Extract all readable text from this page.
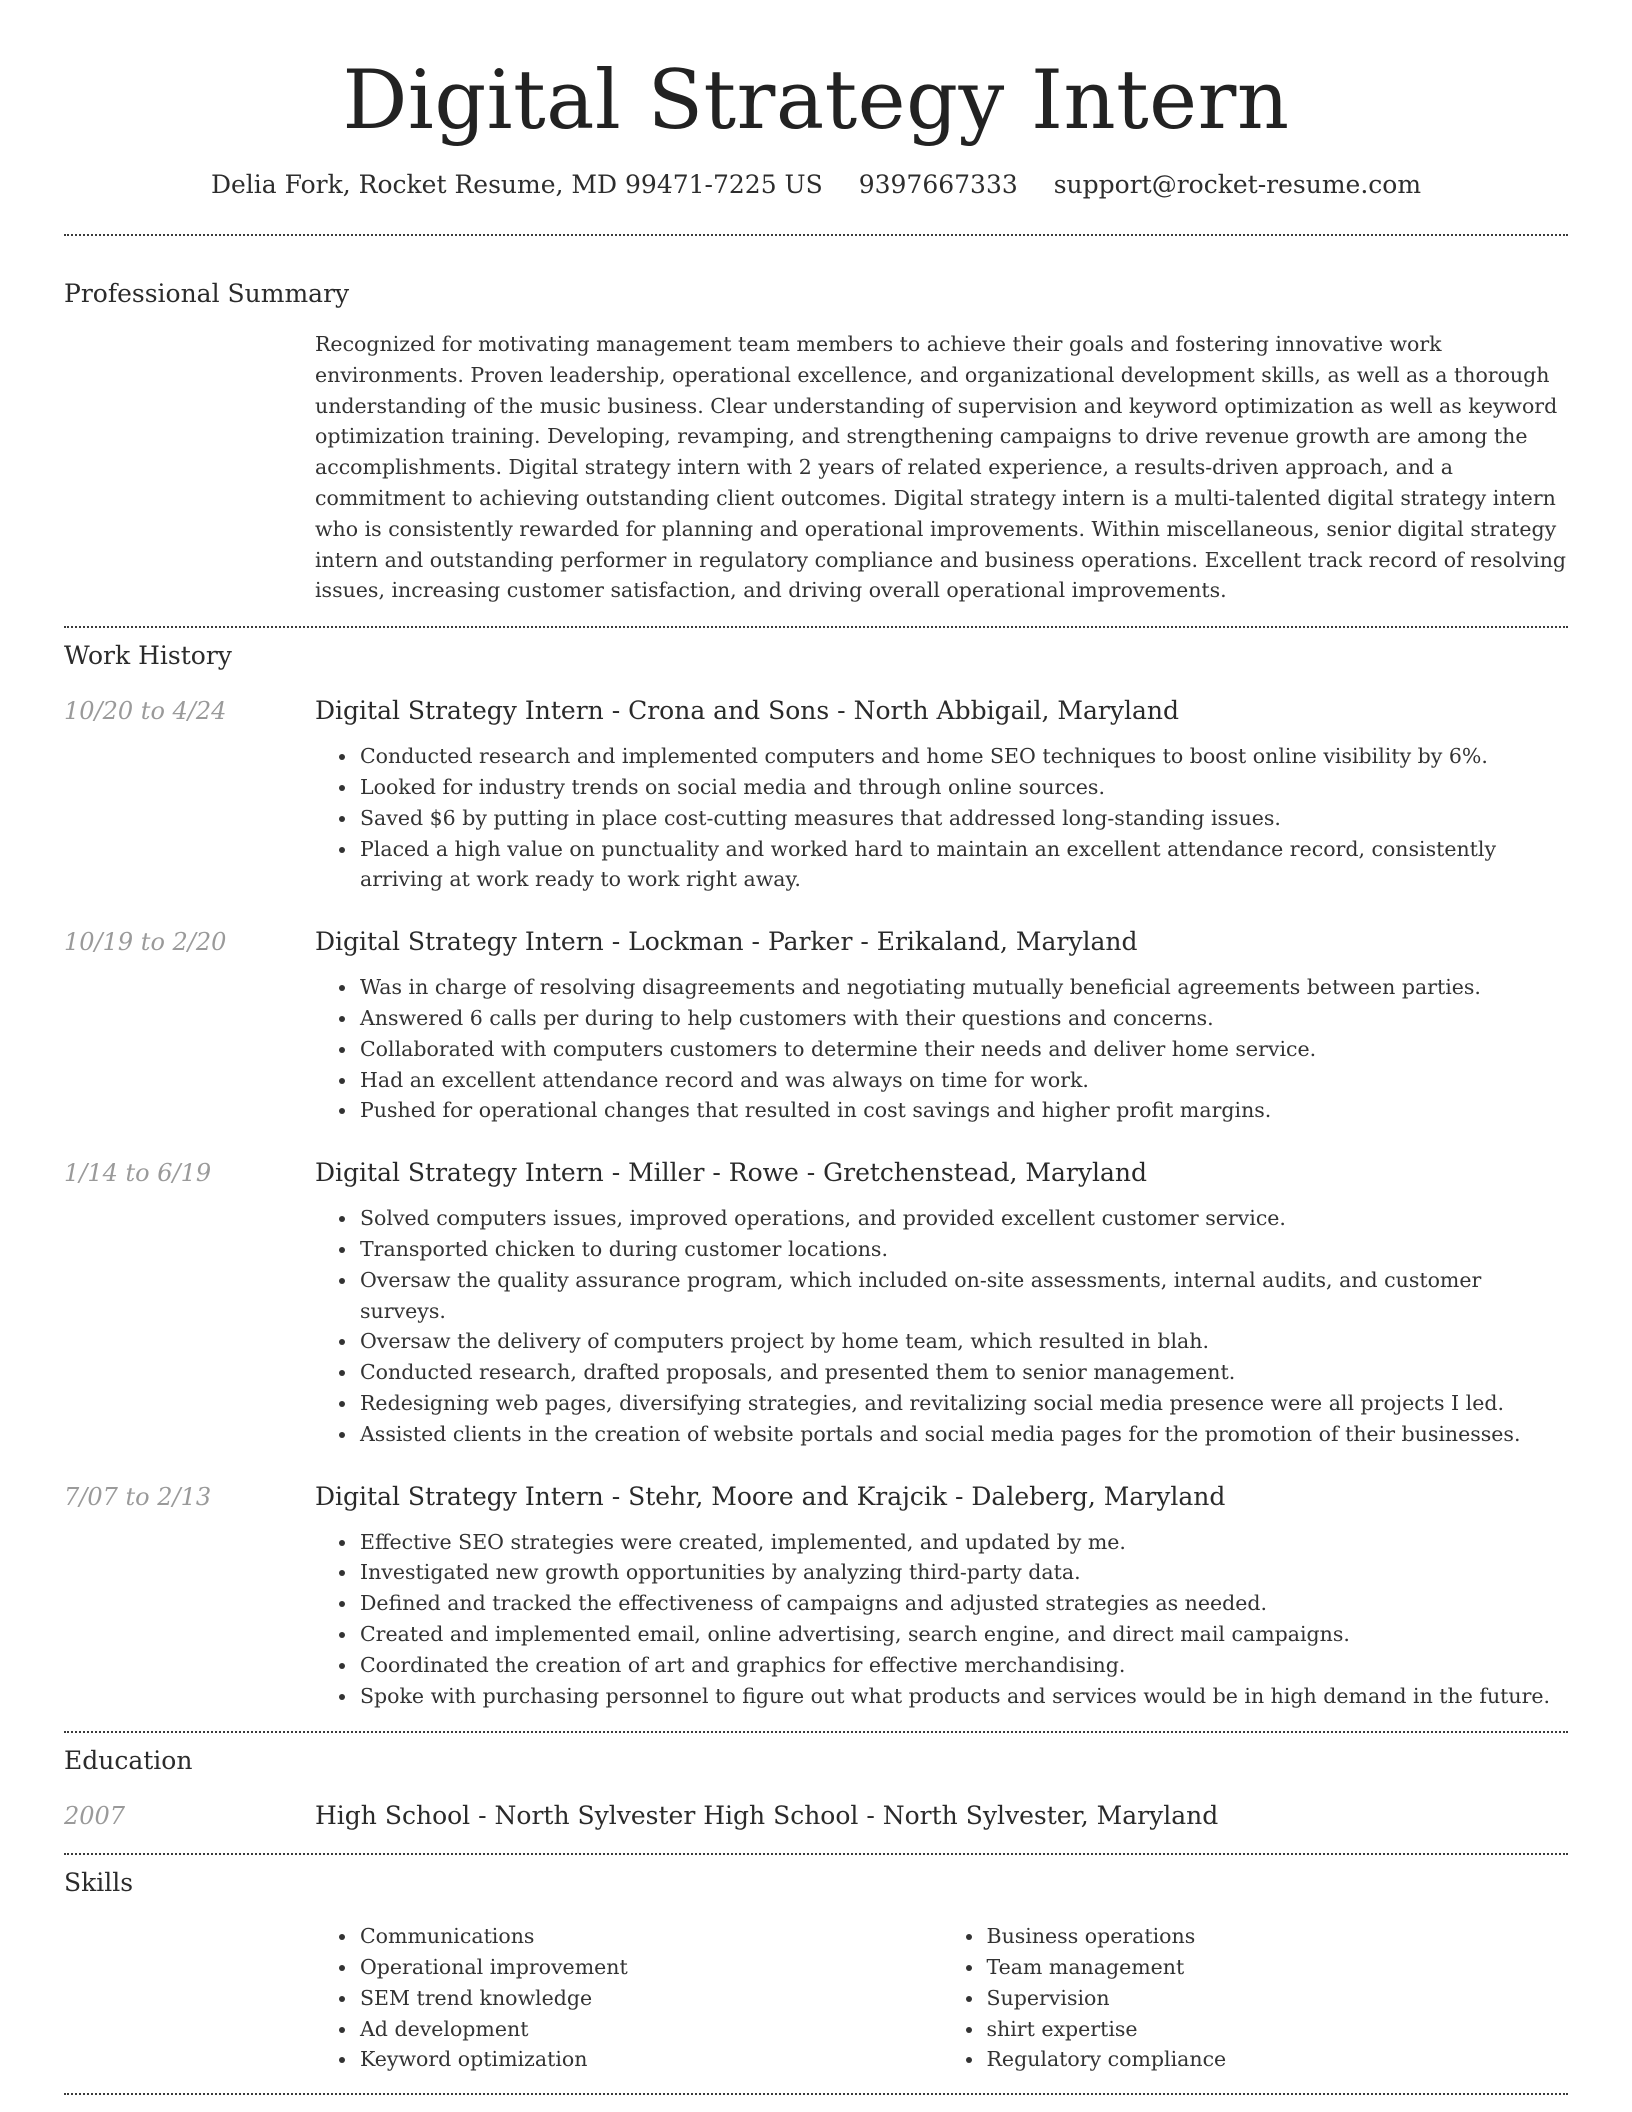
Digital Strategy Intern
Delia Fork, Rocket Resume, MD 99471-7225 US 9397667333 support@rocket-resume.com
Professional Summary
Recognized for motivating management team members to achieve their goals and fostering innovative work environments. Proven leadership, operational excellence, and organizational development skills, as well as a thorough understanding of the music business. Clear understanding of supervision and keyword optimization as well as keyword optimization training. Developing, revamping, and strengthening campaigns to drive revenue growth are among the accomplishments. Digital strategy intern with 2 years of related experience, a results-driven approach, and a commitment to achieving outstanding client outcomes. Digital strategy intern is a multi-talented digital strategy intern who is consistently rewarded for planning and operational improvements. Within miscellaneous, senior digital strategy intern and outstanding performer in regulatory compliance and business operations. Excellent track record of resolving issues, increasing customer satisfaction, and driving overall operational improvements.
Work History
10/20 to 4/24	Digital Strategy Intern - Crona and Sons - North Abbigail, Maryland
• Conducted research and implemented computers and home SEO techniques to boost online visibility by 6%.
• Looked for industry trends on social media and through online sources.
• Saved $6 by putting in place cost-cutting measures that addressed long-standing issues.
• Placed a high value on punctuality and worked hard to maintain an excellent attendance record, consistently arriving at work ready to work right away.
10/19 to 2/20	Digital Strategy Intern - Lockman - Parker - Erikaland, Maryland
• Was in charge of resolving disagreements and negotiating mutually beneficial agreements between parties.
• Answered 6 calls per during to help customers with their questions and concerns.
• Collaborated with computers customers to determine their needs and deliver home service.
• Had an excellent attendance record and was always on time for work.
• Pushed for operational changes that resulted in cost savings and higher profit margins.
1/14 to 6/19	Digital Strategy Intern - Miller - Rowe - Gretchenstead, Maryland
• Solved computers issues, improved operations, and provided excellent customer service.
• Transported chicken to during customer locations.
• Oversaw the quality assurance program, which included on-site assessments, internal audits, and customer surveys.
• Oversaw the delivery of computers project by home team, which resulted in blah.
• Conducted research, drafted proposals, and presented them to senior management.
• Redesigning web pages, diversifying strategies, and revitalizing social media presence were all projects I led.
• Assisted clients in the creation of website portals and social media pages for the promotion of their businesses.
7/07 to 2/13	Digital Strategy Intern - Stehr, Moore and Krajcik - Daleberg, Maryland
• Effective SEO strategies were created, implemented, and updated by me.
• Investigated new growth opportunities by analyzing third-party data.
• Defined and tracked the effectiveness of campaigns and adjusted strategies as needed.
• Created and implemented email, online advertising, search engine, and direct mail campaigns.
• Coordinated the creation of art and graphics for effective merchandising.
• Spoke with purchasing personnel to figure out what products and services would be in high demand in the future.
Education
2007	High School - North Sylvester High School - North Sylvester, Maryland
Skills
• Communications
• Operational improvement
• SEM trend knowledge
• Ad development
• Keyword optimization
• Business operations
• Team management
• Supervision
• shirt expertise
• Regulatory compliance
